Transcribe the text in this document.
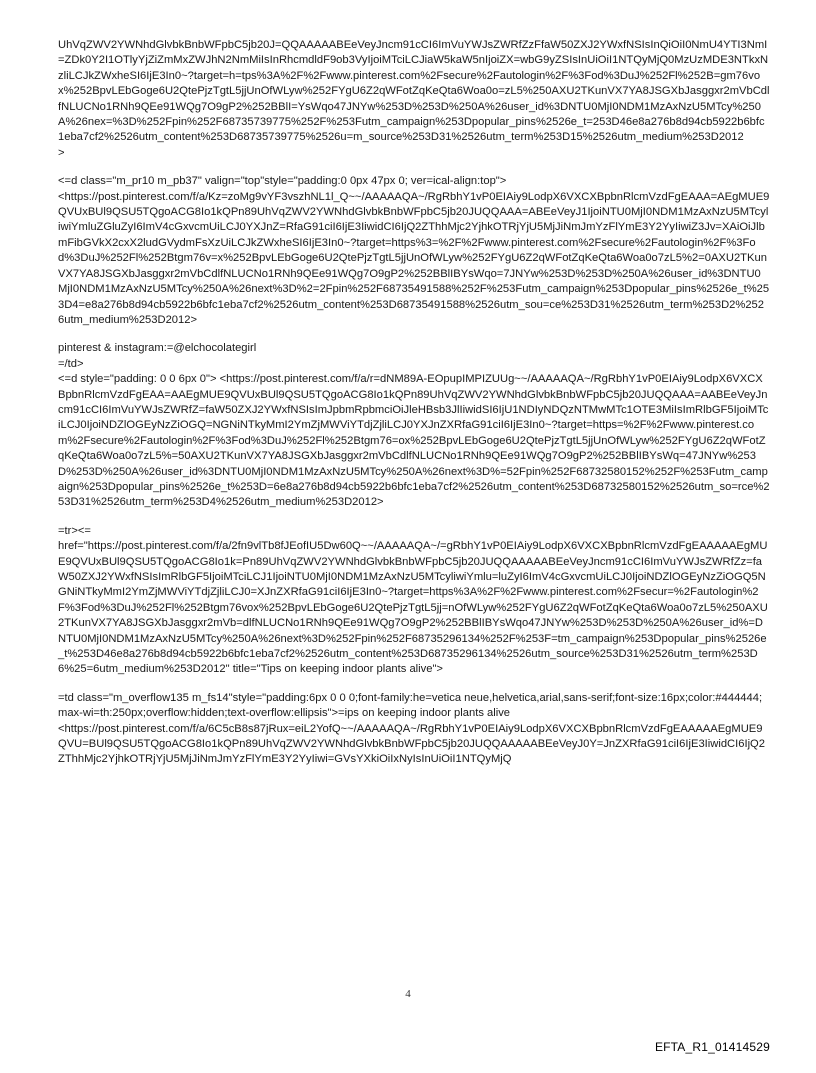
UhVqZWV2YWNhdGlvbkBnbWFpbC5jb20J=QQAAAAABEeVeyJncm91cCI6ImVuYWJsZWRfZzFfaW50ZXJ2YWxfNSIsInQiOiI0NmU4YTI3NmI=ZDk0Y2I1OTlyYjZiZmMxZWJhN2NmMiIsInRhcmdldF9ob3VyIjoiMTciLCJiaW5kaW5nIjoiZX=wbG9yZSIsInUiOiI1NTQyMjQ0MzUzMDE3NTkxNzliLCJkZWxheSI6IjE3In0~?target=h=tps%3A%2F%2Fwww.pinterest.com%2Fsecure%2Fautologin%2F%3Fod%3DuJ%252Fl%252B=gm76vox%252BpvLEbGoge6U2QtePjzTgtL5jjUnOfWLyw%252FYgU6Z2qWFotZqKeQta6Woa0o=zL5%250AXU2TKunVX7YA8JSGXbJasggxr2mVbCdlfNLUCNo1RNh9QEe91WQg7O9gP2%252BBlI=YsWqo47JNYw%253D%253D%250A%26user_id%3DNTU0MjI0NDM1MzAxNzU5MTcy%250A%26nex=%3D%252Fpin%252F68735739775%252F%253Futm_campaign%253Dpopular_pins%2526e_t=253D46e8a276b8d94cb5922b6bfc1eba7cf2%2526utm_content%253D68735739775%2526u=m_source%253D31%2526utm_term%253D15%2526utm_medium%253D2012
>

<=d class="m_pr10 m_pb37" valign="top"style="padding:0 0px 47px 0; ver=ical-align:top">
<https://post.pinterest.com/f/a/Kz=zoMg9vYF3vszhNL1l_Q~~/AAAAAQA~/RgRbhY1vP0EIAiy9LodpX6VXCXBpbnRlcmVzdFgEAAA=AEgMUE9QVUxBUl9QSU5TQgoACG8Io1kQPn89UhVqZWV2YWNhdGlvbkBnbWFpbC5jb20JUQQAAA=ABEeVeyJ1IjoiNTU0MjI0NDM1MzAxNzU5MTcyliwiYmluZGluZyI6ImV4cGxvcmUiLCJ0YXJnZ=RfaG91ciI6IjE3IiwidCI6IjQ2ZThhMjc2YjhkOTRjYjU5MjJiNmJmYzFlYmE3Y2YyIiwiZ3Jv=XAiOiJlbmFibGVkX2cxX2ludGVydmFsXzUiLCJkZWxheSI6IjE3In0~?target=https%3=%2F%2Fwww.pinterest.com%2Fsecure%2Fautologin%2F%3Fod%3DuJ%252Fl%252Btgm76v=x%252BpvLEbGoge6U2QtePjzTgtL5jjUnOfWLyw%252FYgU6Z2qWFotZqKeQta6Woa0o7zL5%2=0AXU2TKunVX7YA8JSGXbJasggxr2mVbCdlfNLUCNo1RNh9QEe91WQg7O9gP2%252BBlIBYsWqo=7JNYw%253D%253D%250A%26user_id%3DNTU0MjI0NDM1MzAxNzU5MTcy%250A%26next%3D%2=2Fpin%252F68735491588%252F%253Futm_campaign%253Dpopular_pins%2526e_t%253D4=e8a276b8d94cb5922b6bfc1eba7cf2%2526utm_content%253D68735491588%2526utm_sou=ce%253D31%2526utm_term%253D2%2526utm_medium%253D2012>

pinterest & instagram:=@elchocolategirl
=/td>
<=d style="padding: 0 0 6px 0"> <https://post.pinterest.com/f/a/r=dNM89A-EOpupIMPIZUUg~~/AAAAAQA~/RgRbhY1vP0EIAiy9LodpX6VXCXBpbnRlcmVzdFgEAA=AAEgMUE9QVUxBUl9QSU5TQgoACG8Io1kQPn89UhVqZWV2YWNhdGlvbkBnbWFpbC5jb20JUQQAAA=AABEeVeyJncm91cCI6ImVuYWJsZWRfZ=faW50ZXJ2YWxfNSIsImJpbmRpbmciOiJleHBsb3JlIiwidSI6IjU1NDIyNDQzNTMwMTc1OTE3MiIsImRlbGF5IjoiMTciLCJ0IjoiNDZlOGEyNzZiOGQ=NGNiNTkyMmI2YmZjMWViYTdjZjliLCJ0YXJnZXRfaG91ciI6IjE3In0~?target=https=%2F%2Fwww.pinterest.com%2Fsecure%2Fautologin%2F%3Fod%3DuJ%252Fl%252Btgm76=ox%252BpvLEbGoge6U2QtePjzTgtL5jjUnOfWLyw%252FYgU6Z2qWFotZqKeQta6Woa0o7zL5%=50AXU2TKunVX7YA8JSGXbJasggxr2mVbCdlfNLUCNo1RNh9QEe91WQg7O9gP2%252BBlIBYsWq=47JNYw%253D%253D%250A%26user_id%3DNTU0MjI0NDM1MzAxNzU5MTcy%250A%26next%3D%=52Fpin%252F68732580152%252F%253Futm_campaign%253Dpopular_pins%2526e_t%253D=6e8a276b8d94cb5922b6bfc1eba7cf2%2526utm_content%253D68732580152%2526utm_so=rce%253D31%2526utm_term%253D4%2526utm_medium%253D2012>

=tr><=
href="https://post.pinterest.com/f/a/2fn9vlTb8fJEofIU5Dw60Q~~/AAAAAQA~/=gRbhY1vP0EIAiy9LodpX6VXCXBpbnRlcmVzdFgEAAAAAEgMUE9QVUxBUl9QSU5TQgoACG8Io1k=Pn89UhVqZWV2YWNhdGlvbkBnbWFpbC5jb20JUQQAAAAABEeVeyJncm91cCI6ImVuYWJsZWRfZz=faW50ZXJ2YWxfNSIsImRlbGF5IjoiMTciLCJ1IjoiNTU0MjI0NDM1MzAxNzU5MTcyliwiYmlu=luZyI6ImV4cGxvcmUiLCJ0IjoiNDZlOGEyNzZiOGQ5NGNiNTkyMmI2YmZjMWViYTdjZjliLCJ0=XJnZXRfaG91ciI6IjE3In0~?target=https%3A%2F%2Fwww.pinterest.com%2Fsecur=%2Fautologin%2F%3Fod%3DuJ%252Fl%252Btgm76vox%252BpvLEbGoge6U2QtePjzTgtL5jj=nOfWLyw%252FYgU6Z2qWFotZqKeQta6Woa0o7zL5%250AXU2TKunVX7YA8JSGXbJasggxr2mVb=dlfNLUCNo1RNh9QEe91WQg7O9gP2%252BBlIBYsWqo47JNYw%253D%253D%250A%26user_id%=DNTU0MjI0NDM1MzAxNzU5MTcy%250A%26next%3D%252Fpin%252F68735296134%252F%253F=tm_campaign%253Dpopular_pins%2526e_t%253D46e8a276b8d94cb5922b6bfc1eba7cf2%2526utm_content%253D68735296134%2526utm_source%253D31%2526utm_term%253D6%25=6utm_medium%253D2012" title="Tips on keeping indoor plants alive">

=td class="m_overflow135 m_fs14"style="padding:6px 0 0 0;font-family:he=vetica neue,helvetica,arial,sans-serif;font-size:16px;color:#444444;max-wi=th:250px;overflow:hidden;text-overflow:ellipsis">=ips on keeping indoor plants alive
<https://post.pinterest.com/f/a/6C5cB8s87jRux=eiL2YofQ~~/AAAAAQA~/RgRbhY1vP0EIAiy9LodpX6VXCXBpbnRlcmVzdFgEAAAAAEgMUE9QVU=BUl9QSU5TQgoACG8Io1kQPn89UhVqZWV2YWNhdGlvbkBnbWFpbC5jb20JUQQAAAAABEeVeyJ0Y=JnZXRfaG91ciI6IjE3IiwidCI6IjQ2ZThhMjc2YjhkOTRjYjU5MjJiNmJmYzFlYmE3Y2YyIiwi=GVsYXkiOiIxNyIsInUiOiI1NTQyMjQ

4
EFTA_R1_01414529
